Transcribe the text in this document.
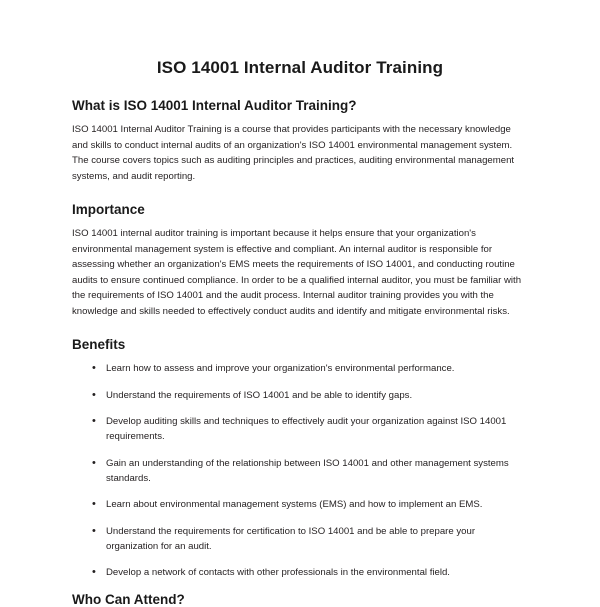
ISO 14001 Internal Auditor Training
What is ISO 14001 Internal Auditor Training?

ISO 14001 Internal Auditor Training is a course that provides participants with the necessary knowledge and skills to conduct internal audits of an organization's ISO 14001 environmental management system. The course covers topics such as auditing principles and practices, auditing environmental management systems, and audit reporting.

Importance

ISO 14001 internal auditor training is important because it helps ensure that your organization's environmental management system is effective and compliant. An internal auditor is responsible for assessing whether an organization's EMS meets the requirements of ISO 14001, and conducting routine audits to ensure continued compliance. In order to be a qualified internal auditor, you must be familiar with the requirements of ISO 14001 and the audit process. Internal auditor training provides you with the knowledge and skills needed to effectively conduct audits and identify and mitigate environmental risks.

Benefits
• Learn how to assess and improve your organization's environmental performance.
• Understand the requirements of ISO 14001 and be able to identify gaps.
• Develop auditing skills and techniques to effectively audit your organization against ISO 14001 requirements.
• Gain an understanding of the relationship between ISO 14001 and other management systems standards.
• Learn about environmental management systems (EMS) and how to implement an EMS.
• Understand the requirements for certification to ISO 14001 and be able to prepare your organization for an audit.
• Develop a network of contacts with other professionals in the environmental field.
Who Can Attend?
